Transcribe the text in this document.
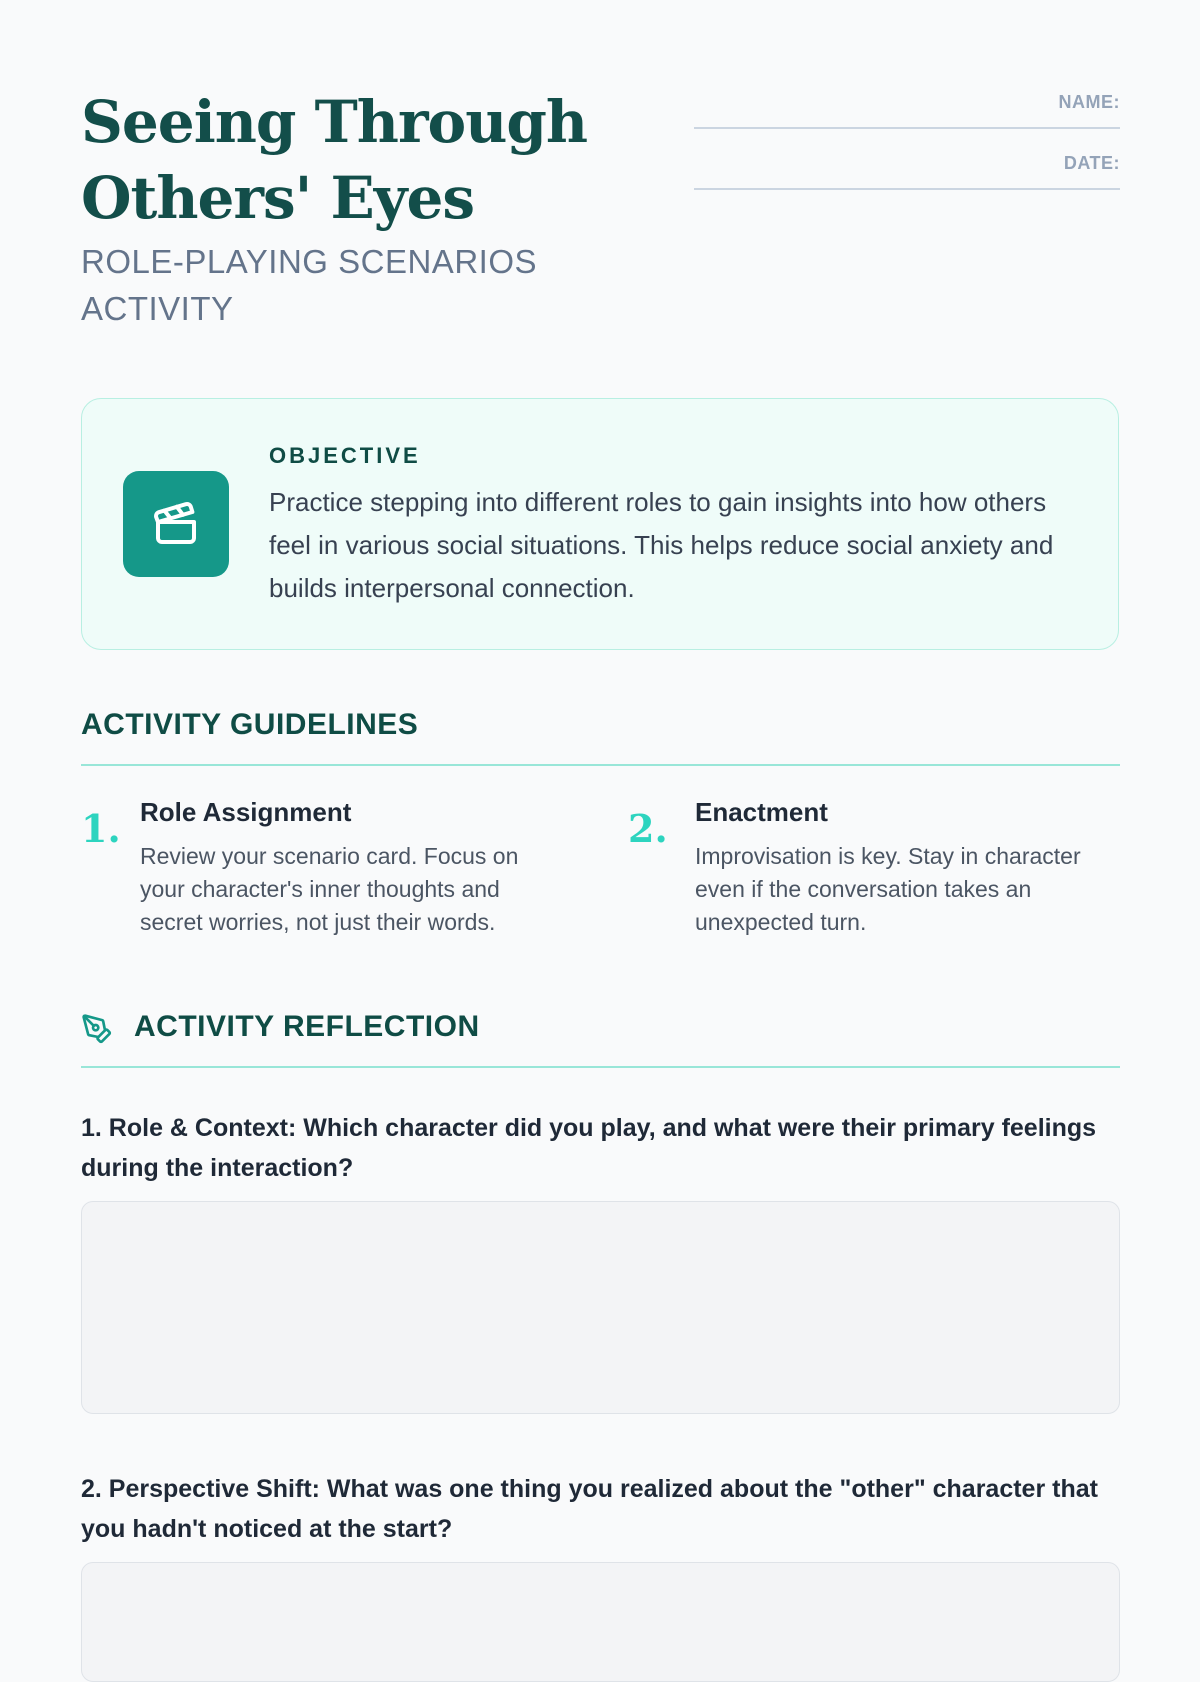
Seeing Through
Others' Eyes
ROLE-PLAYING SCENARIOS
ACTIVITY
NAME:
DATE:
OBJECTIVE
Practice stepping into different roles to gain insights into how others feel in various social situations. This helps reduce social anxiety and builds interpersonal connection.
ACTIVITY GUIDELINES
1. Role Assignment
Review your scenario card. Focus on your character's inner thoughts and secret worries, not just their words.
2. Enactment
Improvisation is key. Stay in character even if the conversation takes an unexpected turn.
ACTIVITY REFLECTION
1. Role & Context: Which character did you play, and what were their primary feelings during the interaction?
2. Perspective Shift: What was one thing you realized about the "other" character that you hadn't noticed at the start?
